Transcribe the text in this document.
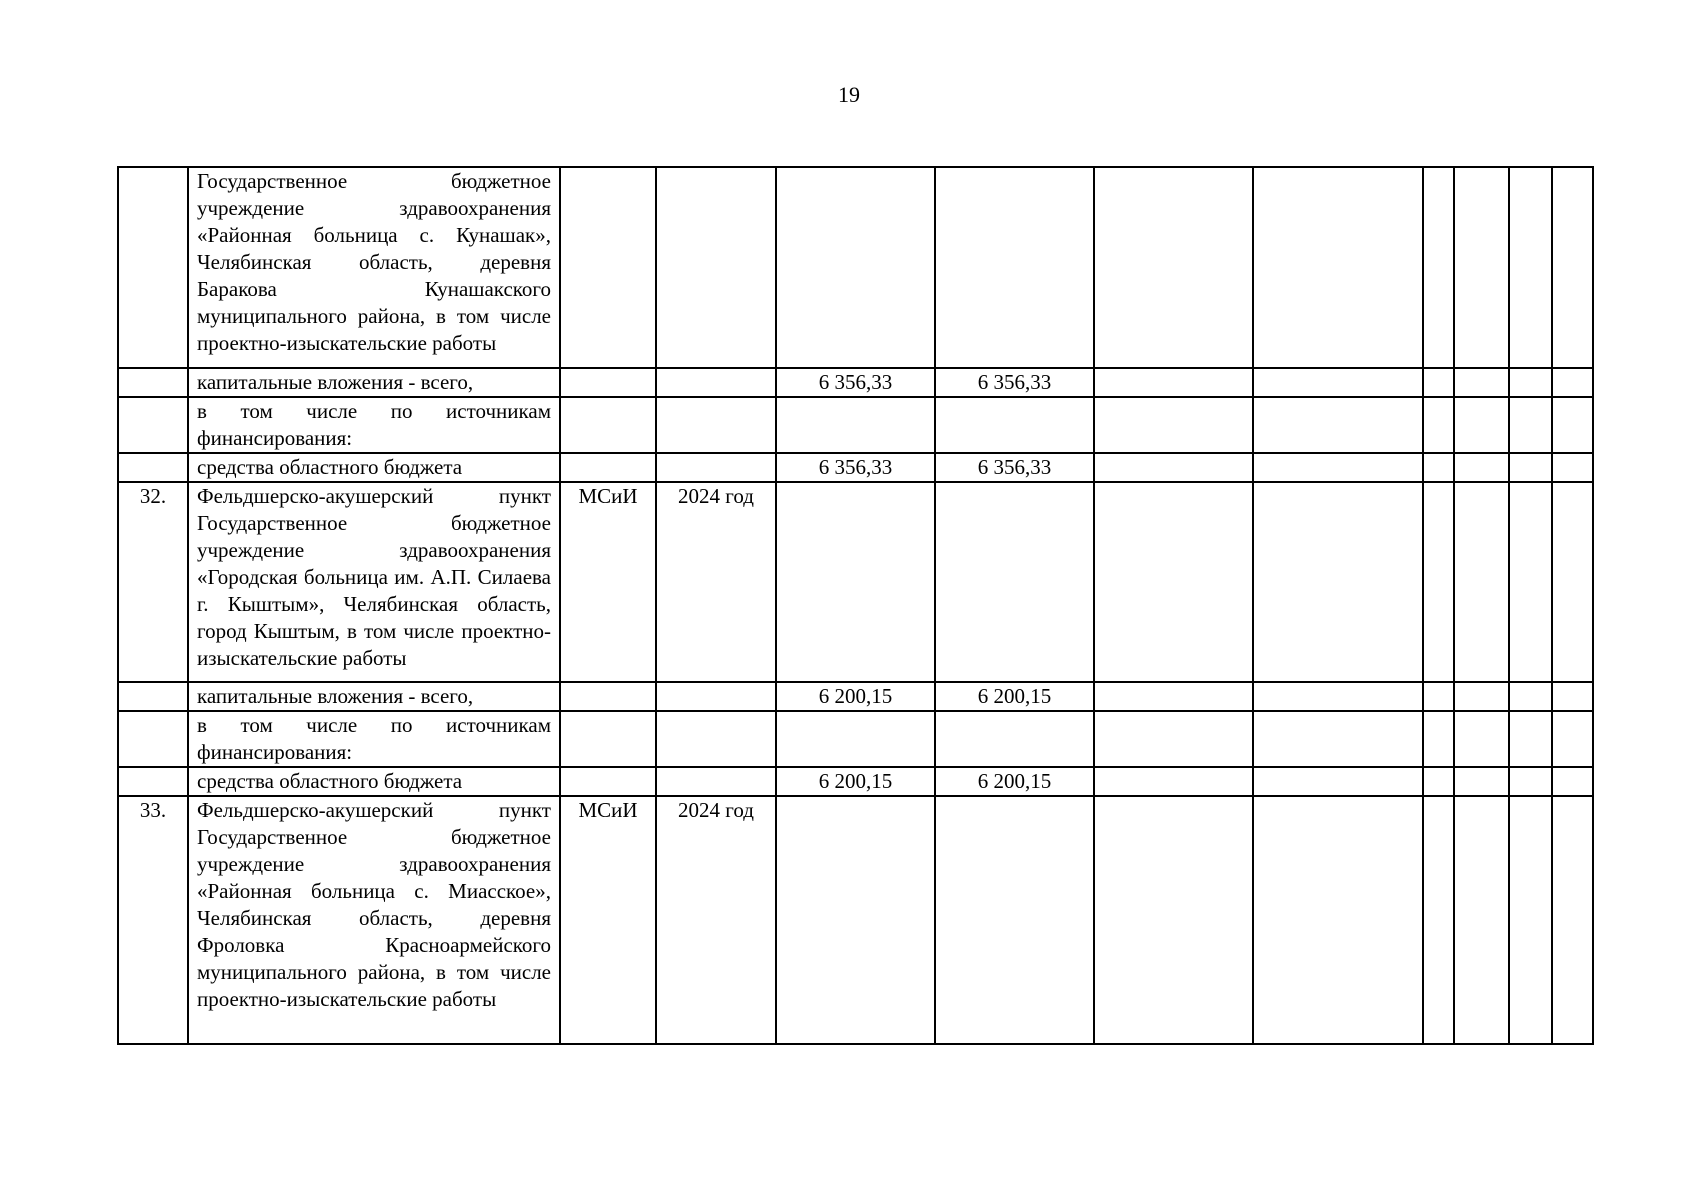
19
	Государственное бюджетное учреждение здравоохранения «Районная больница с. Кунашак», Челябинская область, деревня Баракова Кунашакского муниципального района, в том числе проектно-изыскательские работы										
	капитальные вложения - всего,			6 356,33	6 356,33						
	в том числе по источникам финансирования:										
	средства областного бюджета			6 356,33	6 356,33						
32.	Фельдшерско-акушерский пункт Государственное бюджетное учреждение здравоохранения «Городская больница им. А.П. Силаева г. Кыштым», Челябинская область, город Кыштым, в том числе проектно-изыскательские работы	МСиИ	2024 год								
	капитальные вложения - всего,			6 200,15	6 200,15						
	в том числе по источникам финансирования:										
	средства областного бюджета			6 200,15	6 200,15						
33.	Фельдшерско-акушерский пункт Государственное бюджетное учреждение здравоохранения «Районная больница с. Миасское», Челябинская область, деревня Фроловка Красноармейского муниципального района, в том числе проектно-изыскательские работы	МСиИ	2024 год								
